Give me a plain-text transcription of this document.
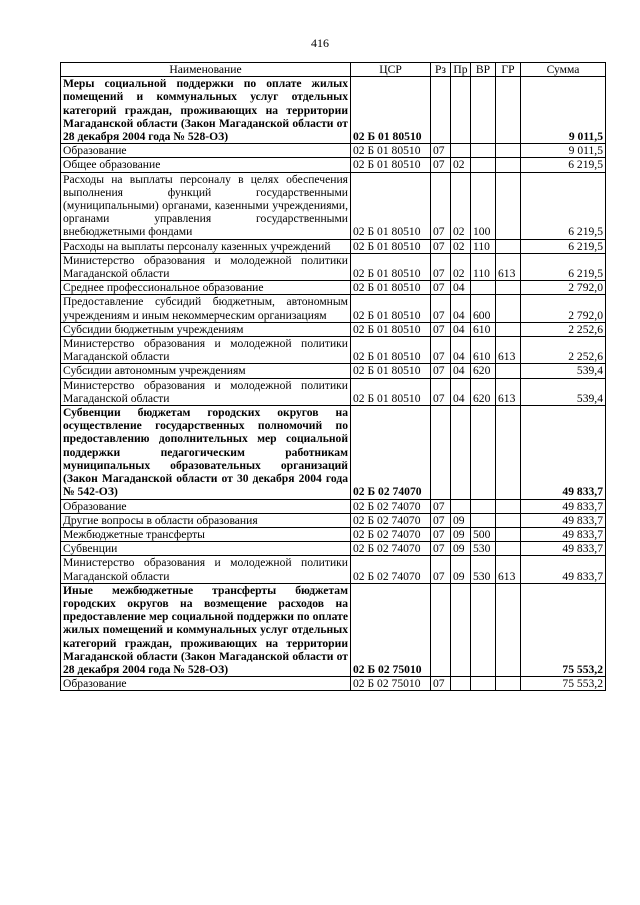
416
Наименование	ЦСР	Рз	Пр	ВР	ГР	Сумма
Меры социальной поддержки по оплате жилых помещений и коммунальных услуг отдельных категорий граждан, проживающих на территории Магаданской области (Закон Магаданской области от 28 декабря 2004 года № 528-ОЗ)	02 Б 01 80510					9 011,5
Образование	02 Б 01 80510	07				9 011,5
Общее образование	02 Б 01 80510	07	02			6 219,5
Расходы на выплаты персоналу в целях обеспечения выполнения функций государственными (муниципальными) органами, казенными учреждениями, органами управления государственными внебюджетными фондами	02 Б 01 80510	07	02	100		6 219,5
Расходы на выплаты персоналу казенных учреждений	02 Б 01 80510	07	02	110		6 219,5
Министерство образования и молодежной политики Магаданской области	02 Б 01 80510	07	02	110	613	6 219,5
Среднее профессиональное образование	02 Б 01 80510	07	04			2 792,0
Предоставление субсидий бюджетным, автономным учреждениям и иным некоммерческим организациям	02 Б 01 80510	07	04	600		2 792,0
Субсидии бюджетным учреждениям	02 Б 01 80510	07	04	610		2 252,6
Министерство образования и молодежной политики Магаданской области	02 Б 01 80510	07	04	610	613	2 252,6
Субсидии автономным учреждениям	02 Б 01 80510	07	04	620		539,4
Министерство образования и молодежной политики Магаданской области	02 Б 01 80510	07	04	620	613	539,4
Субвенции бюджетам городских округов на осуществление государственных полномочий по предоставлению дополнительных мер социальной поддержки педагогическим работникам муниципальных образовательных организаций (Закон Магаданской области от 30 декабря 2004 года № 542-ОЗ)	02 Б 02 74070					49 833,7
Образование	02 Б 02 74070	07				49 833,7
Другие вопросы в области образования	02 Б 02 74070	07	09			49 833,7
Межбюджетные трансферты	02 Б 02 74070	07	09	500		49 833,7
Субвенции	02 Б 02 74070	07	09	530		49 833,7
Министерство образования и молодежной политики Магаданской области	02 Б 02 74070	07	09	530	613	49 833,7
Иные межбюджетные трансферты бюджетам городских округов на возмещение расходов на предоставление мер социальной поддержки по оплате жилых помещений и коммунальных услуг отдельных категорий граждан, проживающих на территории Магаданской области (Закон Магаданской области от 28 декабря 2004 года № 528-ОЗ)	02 Б 02 75010					75 553,2
Образование	02 Б 02 75010	07				75 553,2
